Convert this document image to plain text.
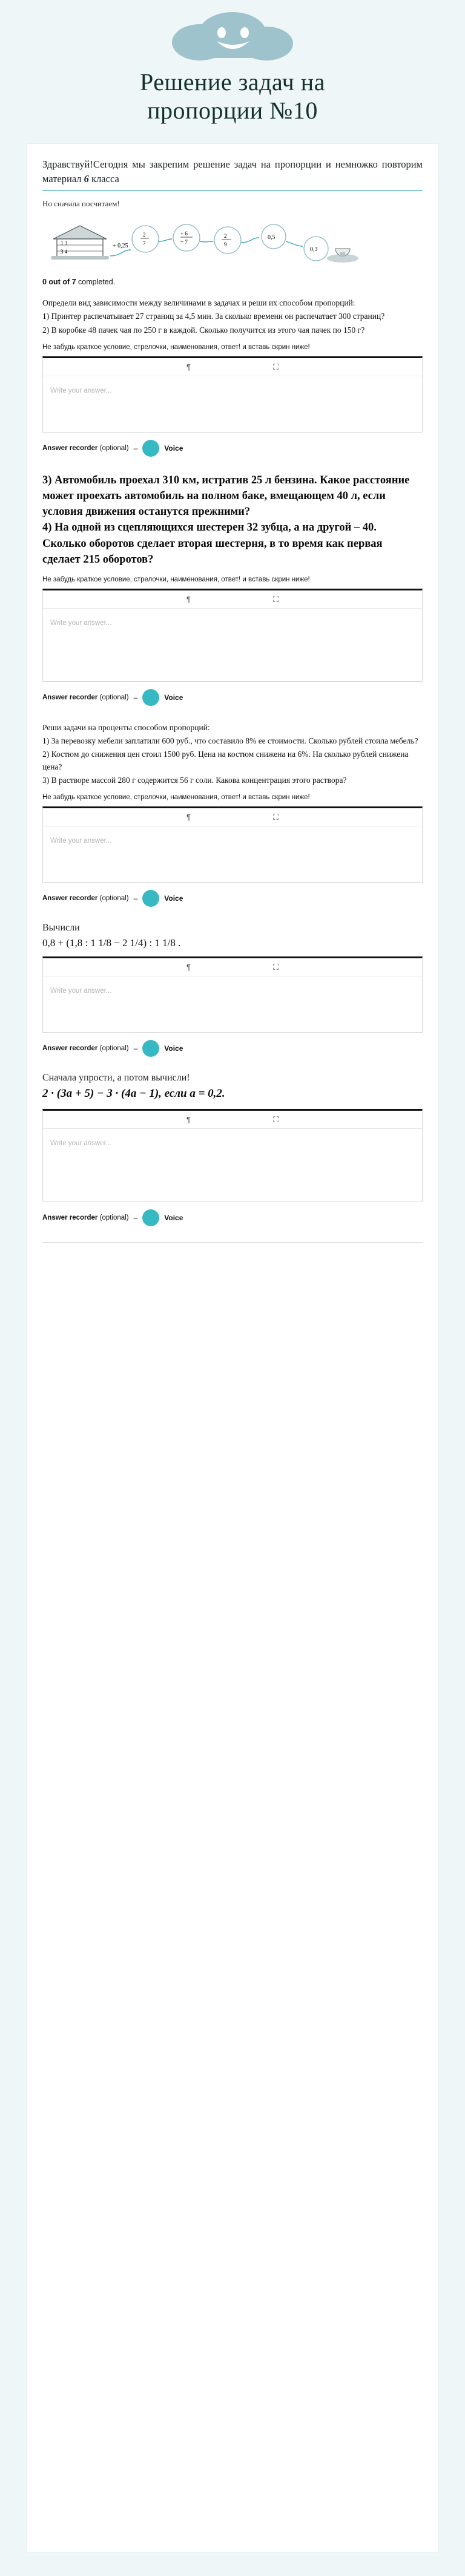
Решение задач на
пропорции №10
Здравствуй!Сегодня мы закрепим решение задач на пропорции и немножко повторим материал 6 класса
Но сначала посчитаем!
1 3
3 4
+ 0,25
2
7
+ 6
+ 7
2
9
0,5
0,3
0 out of 7 completed.

Определи вид зависимости между величинами в задачах и реши их способом пропорций:

1) Принтер распечатывает 27 страниц за 4,5 мин. За сколько времени он распечатает 300 страниц?

2) В коробке 48 пачек чая по 250 г в каждой. Сколько получится из этого чая пачек по 150 г?

Не забудь краткое условие, стрелочки, наименования, ответ! и вставь скрин ниже!
¶	⛶
Write your answer...
Answer recorder (optional) –	Voice

3) Автомобиль проехал 310 км, истратив 25 л бензина. Какое расстояние может проехать автомобиль на полном баке, вмещающем 40 л, если условия движения останутся прежними?

4) На одной из сцепляющихся шестерен 32 зубца, а на другой – 40. Сколько оборотов сделает вторая шестерня, в то время как первая сделает 215 оборотов?

Не забудь краткое условие, стрелочки, наименования, ответ! и вставь скрин ниже!
¶	⛶
Write your answer...
Answer recorder (optional) –	Voice

Реши задачи на проценты способом пропорций:

1) За перевозку мебели заплатили 600 руб., что составило 8% ее стоимости. Сколько рублей стоила мебель?

2) Костюм до снижения цен стоил 1500 руб. Цена на костюм снижена на 6%. На сколько рублей снижена цена?

3) В растворе массой 280 г содержится 56 г соли. Какова концентрация этого раствора?

Не забудь краткое условие, стрелочки, наименования, ответ! и вставь скрин ниже!
¶	⛶
Write your answer...
Answer recorder (optional) –	Voice
Вычисли
0,8 + (1,8 : 1 1/8 − 2 1/4) : 1 1/8 .
¶	⛶
Write your answer...
Answer recorder (optional) –	Voice
Сначала упрости, а потом вычисли!
2 · (3a + 5) − 3 · (4a − 1), если a = 0,2.
¶	⛶
Write your answer...
Answer recorder (optional) –	Voice
